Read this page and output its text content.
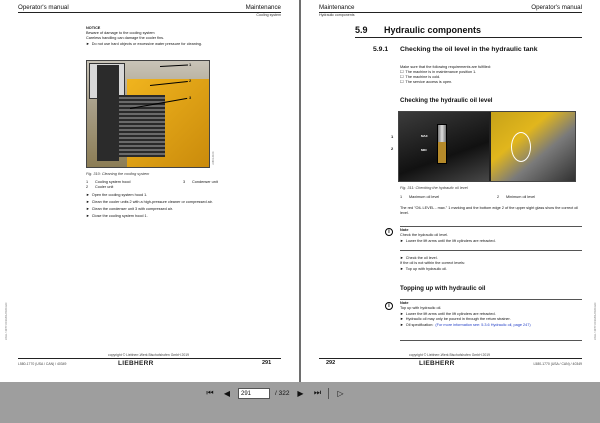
Operator's manual	Maintenance
Cooling system
NOTICE
Beware of damage to the cooling system
Careless handling can damage the cooler fins.
► Do not use hard objects or excessive water pressure for cleaning.
L0801-0104
1
2
3
Fig. 310: Cleaning the cooling system
1	Cooling system hood	3	Condenser unit
2	Cooler unit
► Open the cooling system hood 1.
► Clean the cooler units 2 with a high-pressure cleaner or compressed air.
► Clean the condenser unit 3 with compressed air.
► Close the cooling system hood 1.
LWH / 4977-0016/01/2020-EN
copyright © Liebherr-Werk Bischofshofen GmbH 2019
L580-1770 (USA / CAN) / 40349	LIEBHERR	291
Maintenance	Operator's manual
Hydraulic components
5.9 Hydraulic components
5.9.1 Checking the oil level in the hydraulic tank
Make sure that the following requirements are fulfilled:
☐ The machine is in maintenance position 1.
☐ The machine is cold.
☐ The service access is open.
Checking the hydraulic oil level
MAX
MIN
1
2
Fig. 311: Checking the hydraulic oil level
1	Maximum oil level	2	Minimum oil level
The red "OIL LEVEL - max." 1 marking and the bottom edge 2 of the upper sight glass show the correct oil level.
i	Note
Check the hydraulic oil level.
► Lower the lift arms until the lift cylinders are retracted.
► Check the oil level.
If the oil is not within the correct levels:
► Top up with hydraulic oil.
Topping up with hydraulic oil
i	Note
Top up with hydraulic oil.
► Lower the lift arms until the lift cylinders are retracted.
► Hydraulic oil may only be poured in through the return strainer.
► Oil specification: (For more information see: 5.3.6 Hydraulic oil, page 247)	LWH / 4977-0016/01/2020-EN
copyright © Liebherr-Werk Bischofshofen GmbH 2019
292	LIEBHERR	L580-1770 (USA / CAN) / 40349
⏮	◀	291	/ 322 ▶	⏭	▷
